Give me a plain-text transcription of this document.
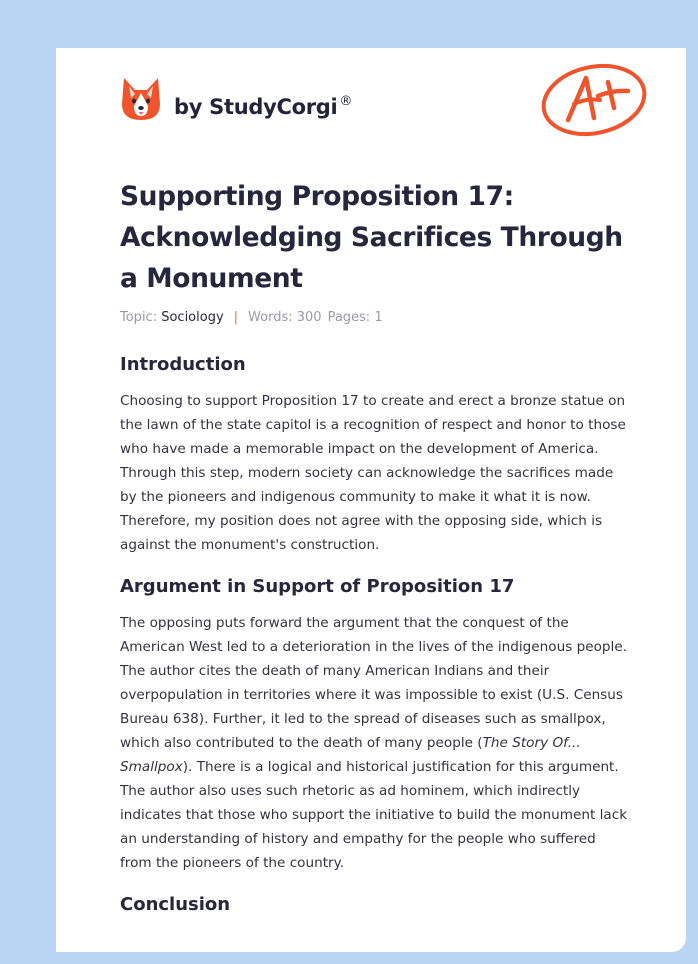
by StudyCorgi ®
Supporting Proposition 17: Acknowledging Sacrifices Through a Monument
Topic: Sociology | Words: 300 Pages: 1
Introduction

Choosing to support Proposition 17 to create and erect a bronze statue on the lawn of the state capitol is a recognition of respect and honor to those who have made a memorable impact on the development of America. Through this step, modern society can acknowledge the sacrifices made by the pioneers and indigenous community to make it what it is now. Therefore, my position does not agree with the opposing side, which is against the monument's construction.

Argument in Support of Proposition 17

The opposing puts forward the argument that the conquest of the American West led to a deterioration in the lives of the indigenous people. The author cites the death of many American Indians and their overpopulation in territories where it was impossible to exist (U.S. Census Bureau 638). Further, it led to the spread of diseases such as smallpox, which also contributed to the death of many people (The Story Of... Smallpox). There is a logical and historical justification for this argument. The author also uses such rhetoric as ad hominem, which indirectly indicates that those who support the initiative to build the monument lack an understanding of history and empathy for the people who suffered from the pioneers of the country.

Conclusion
